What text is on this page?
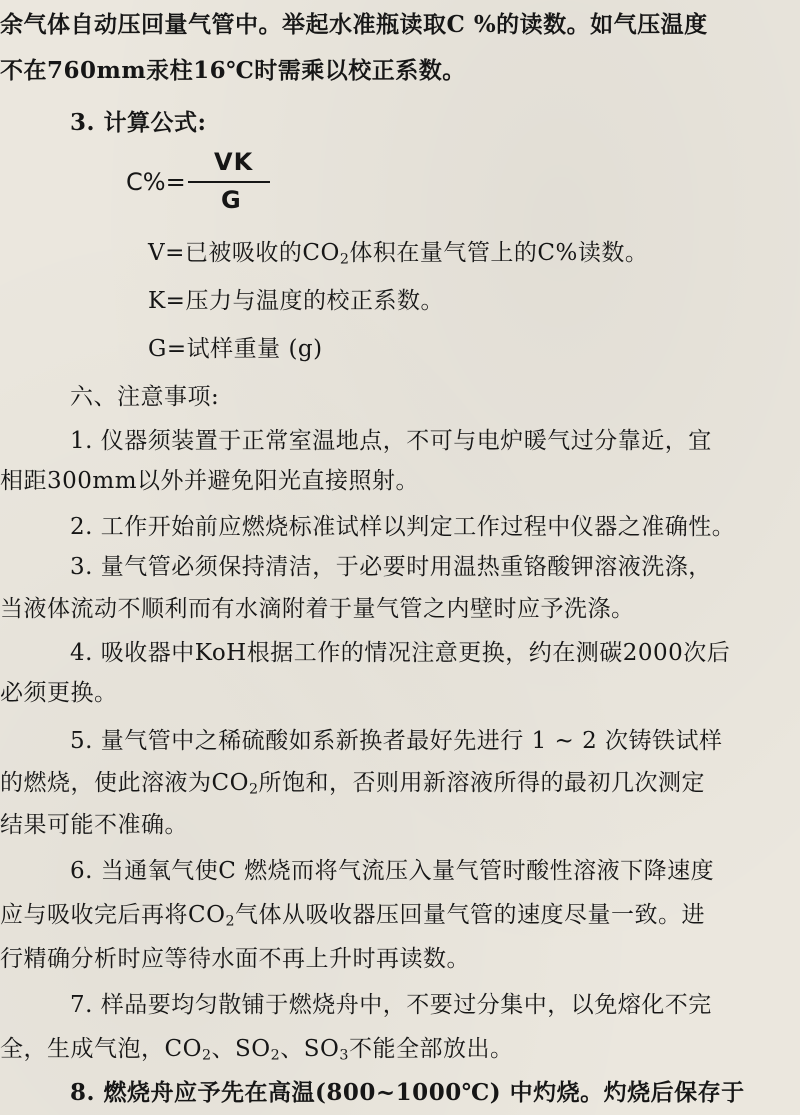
余气体自动压回量气管中。举起水准瓶读取C %的读数。如气压温度
不在760mm汞柱16℃时需乘以校正系数。
3. 计算公式:
C%=
VK
G
V=已被吸收的$CO_2$体积在量气管上的C%读数。
K=压力与温度的校正系数。
G=试样重量 (g)
六、注意事项:
1. 仪器须装置于正常室温地点，不可与电炉暖气过分靠近，宜
相距300mm以外并避免阳光直接照射。
2. 工作开始前应燃烧标准试样以判定工作过程中仪器之准确性。
3. 量气管必须保持清洁，于必要时用温热重铬酸钾溶液洗涤，
当液体流动不顺利而有水滴附着于量气管之内壁时应予洗涤。
4. 吸收器中KoH根据工作的情况注意更换，约在测碳2000次后
必须更换。
5. 量气管中之稀硫酸如系新换者最好先进行 1 ~ 2 次铸铁试样
的燃烧，使此溶液为$CO_2$所饱和，否则用新溶液所得的最初几次测定
结果可能不准确。
6. 当通氧气使C 燃烧而将气流压入量气管时酸性溶液下降速度
应与吸收完后再将$CO_2$气体从吸收器压回量气管的速度尽量一致。进
行精确分析时应等待水面不再上升时再读数。
7. 样品要均匀散铺于燃烧舟中，不要过分集中，以免熔化不完
全，生成气泡，$CO_2$、$SO_2$、$SO_3$不能全部放出。
8. 燃烧舟应予先在高温(800~1000℃) 中灼烧。灼烧后保存于
